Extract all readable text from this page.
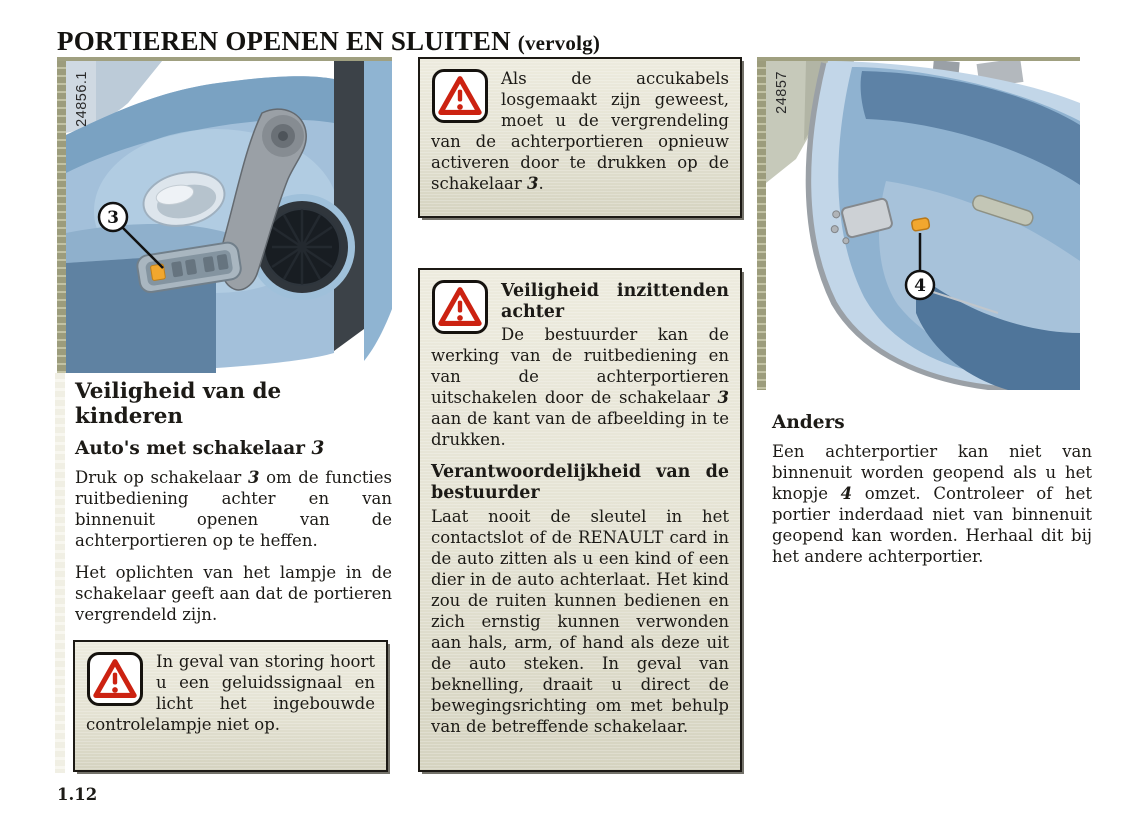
PORTIEREN OPENEN EN SLUITEN (vervolg)
3
24856.1	Als de accukabels losgemaakt zijn geweest, moet u de vergrendeling van de achterportieren opnieuw activeren door te drukken op de schakelaar 3.

Veiligheid inzittenden achter

De bestuurder kan de werking van de ruitbediening en van de achterportieren uitschakelen door de schakelaar 3 aan de kant van de afbeelding in te drukken.

Verantwoordelijkheid van de bestuurder

Laat nooit de sleutel in het contactslot of de RENAULT card in de auto zitten als u een kind of een dier in de auto achterlaat. Het kind zou de ruiten kunnen bedienen en zich ernstig kunnen verwonden aan hals, arm, of hand als deze uit de auto steken. In geval van beknelling, draait u direct de bewegingsrichting om met behulp van de betreffende schakelaar.

4
24857
Veiligheid van de kinderen
Auto's met schakelaar 3

Druk op schakelaar 3 om de functies ruitbediening achter en van binnenuit openen van de achterportieren op te heffen.

Het oplichten van het lampje in de schakelaar geeft aan dat de portieren vergrendeld zijn.

In geval van storing hoort u een geluidssignaal en licht het ingebouwde controlelampje niet op.

Anders

Een achterportier kan niet van binnenuit worden geopend als u het knopje 4 omzet. Controleer of het portier inderdaad niet van binnenuit geopend kan worden. Herhaal dit bij het andere achterportier.

1.12
